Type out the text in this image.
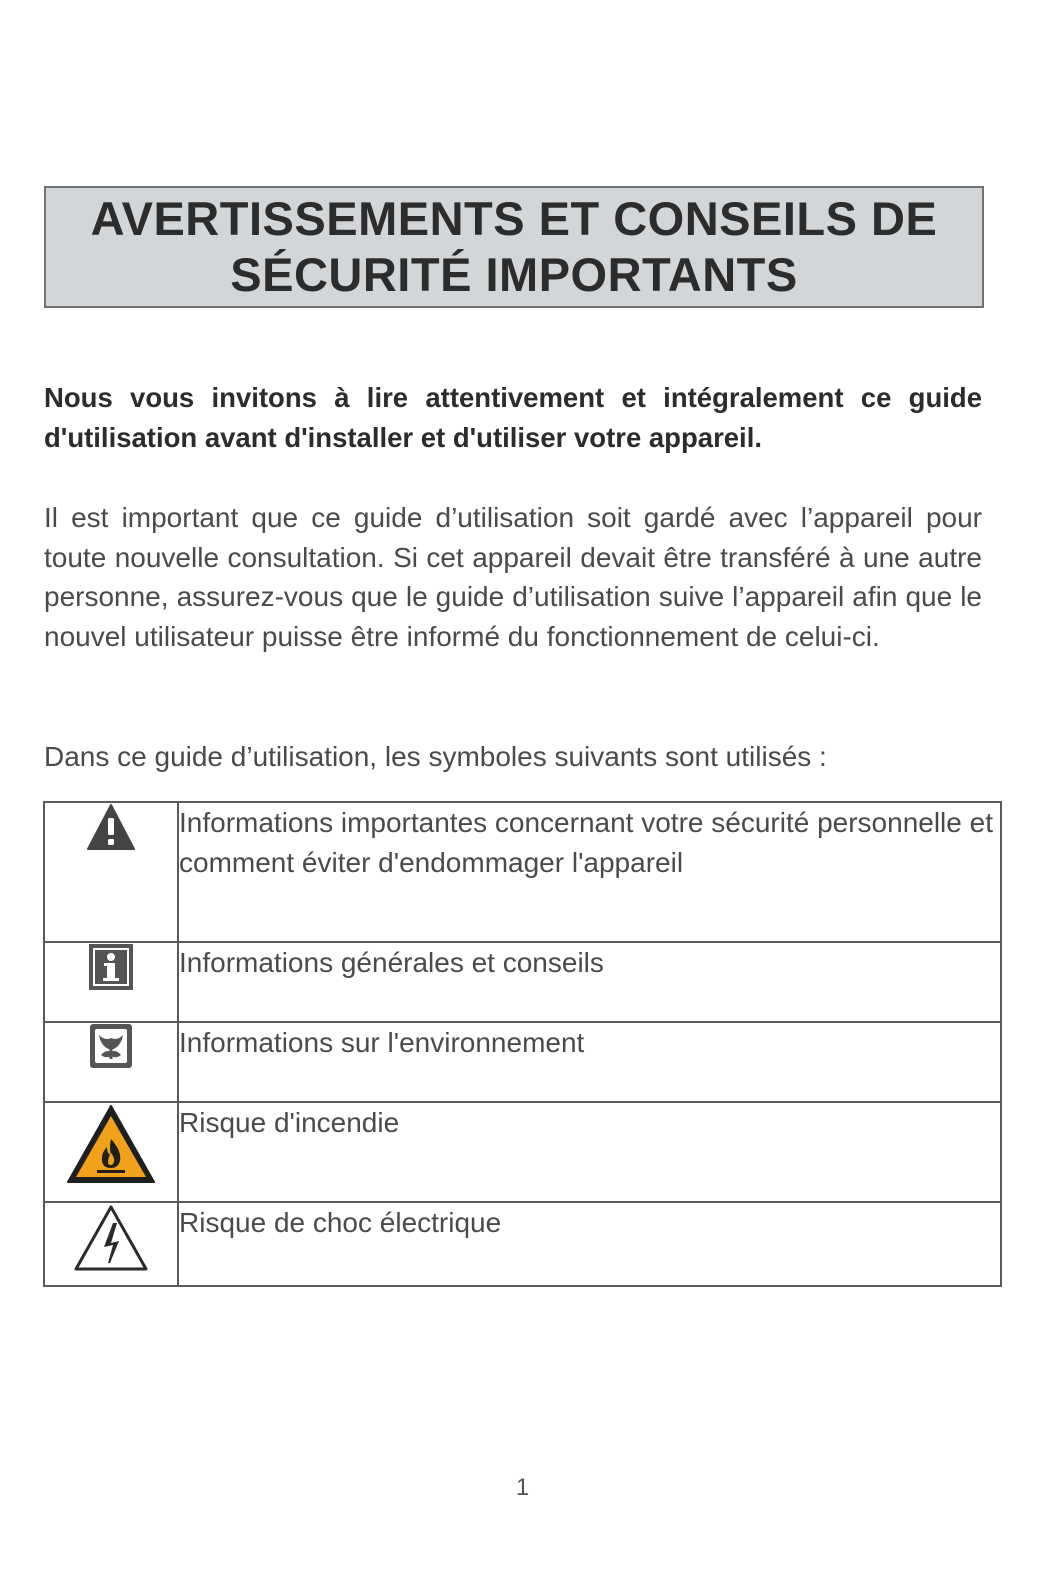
AVERTISSEMENTS ET CONSEILS DE
SÉCURITÉ IMPORTANTS
Nous vous invitons à lire attentivement et intégralement ce guide d'utilisation avant d'installer et d'utiliser votre appareil.
Il est important que ce guide d’utilisation soit gardé avec l’appareil pour toute nouvelle consultation. Si cet appareil devait être transféré à une autre personne, assurez-vous que le guide d’utilisation suive l’appareil afin que le nouvel utilisateur puisse être informé du fonctionnement de celui-ci.
Dans ce guide d’utilisation, les symboles suivants sont utilisés :
	Informations importantes concernant votre sécurité personnelle et comment éviter d'endommager l'appareil

	Informations générales et conseils

	Informations sur l'environnement

	Risque d'incendie

	Risque de choc électrique
1
